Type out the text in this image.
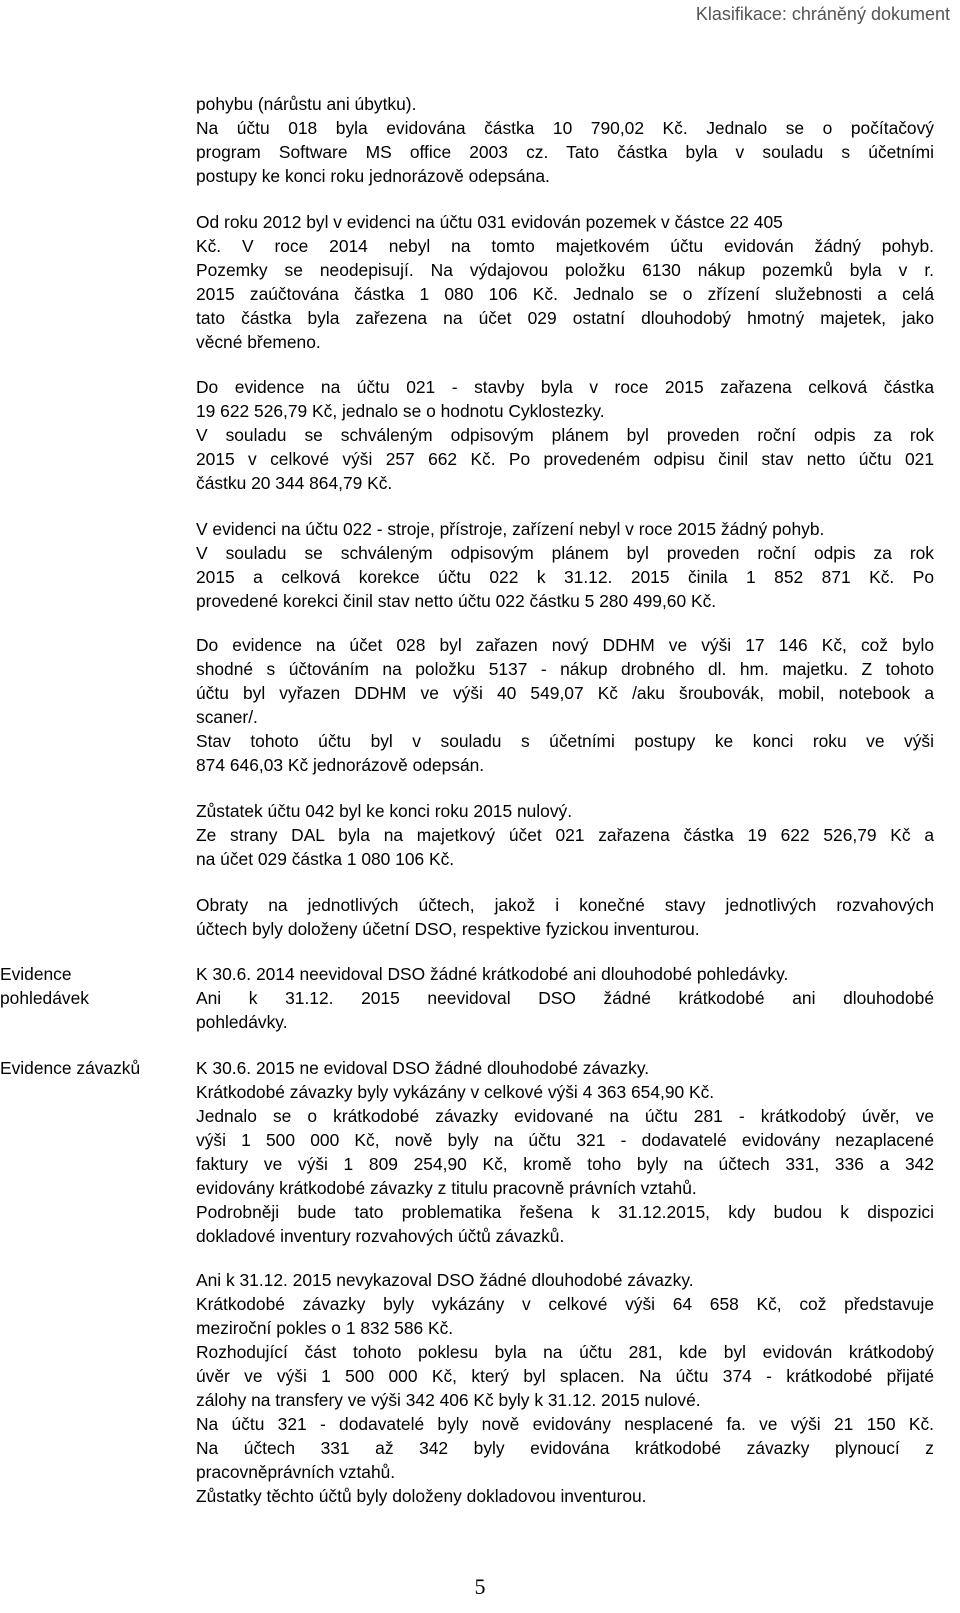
Klasifikace: chráněný dokument
pohybu (nárůstu ani úbytku).
Na účtu 018 byla evidována částka 10 790,02 Kč. Jednalo se o počítačový
program Software MS office 2003 cz. Tato částka byla v souladu s účetními
postupy ke konci roku jednorázově odepsána.
Od roku 2012 byl v evidenci na účtu 031 evidován pozemek v částce 22 405
Kč. V roce 2014 nebyl na tomto majetkovém účtu evidován žádný pohyb.
Pozemky se neodepisují. Na výdajovou položku 6130 nákup pozemků byla v r.
2015 zaúčtována částka 1 080 106 Kč. Jednalo se o zřízení služebnosti a celá
tato částka byla zařezena na účet 029 ostatní dlouhodobý hmotný majetek, jako
věcné břemeno.
Do evidence na účtu 021 - stavby byla v roce 2015 zařazena celková částka
19 622 526,79 Kč, jednalo se o hodnotu Cyklostezky.
V souladu se schváleným odpisovým plánem byl proveden roční odpis za rok
2015 v celkové výši 257 662 Kč. Po provedeném odpisu činil stav netto účtu 021
částku 20 344 864,79 Kč.
V evidenci na účtu 022 - stroje, přístroje, zařízení nebyl v roce 2015 žádný pohyb.
V souladu se schváleným odpisovým plánem byl proveden roční odpis za rok
2015 a celková korekce účtu 022 k 31.12. 2015 činila 1 852 871 Kč. Po
provedené korekci činil stav netto účtu 022 částku 5 280 499,60 Kč.
Do evidence na účet 028 byl zařazen nový DDHM ve výši 17 146 Kč, což bylo
shodné s účtováním na položku 5137 - nákup drobného dl. hm. majetku. Z tohoto
účtu byl vyřazen DDHM ve výši 40 549,07 Kč /aku šroubovák, mobil, notebook a
scaner/.
Stav tohoto účtu byl v souladu s účetními postupy ke konci roku ve výši
874 646,03 Kč jednorázově odepsán.
Zůstatek účtu 042 byl ke konci roku 2015 nulový.
Ze strany DAL byla na majetkový účet 021 zařazena částka 19 622 526,79 Kč a
na účet 029 částka 1 080 106 Kč.
Obraty na jednotlivých účtech, jakož i konečné stavy jednotlivých rozvahových
účtech byly doloženy účetní DSO, respektive fyzickou inventurou.
K 30.6. 2014 neevidoval DSO žádné krátkodobé ani dlouhodobé pohledávky.
Ani k 31.12. 2015 neevidoval DSO žádné krátkodobé ani dlouhodobé
pohledávky.
K 30.6. 2015 ne evidoval DSO žádné dlouhodobé závazky.
Krátkodobé závazky byly vykázány v celkové výši 4 363 654,90 Kč.
Jednalo se o krátkodobé závazky evidované na účtu 281 - krátkodobý úvěr, ve
výši 1 500 000 Kč, nově byly na účtu 321 - dodavatelé evidovány nezaplacené
faktury ve výši 1 809 254,90 Kč, kromě toho byly na účtech 331, 336 a 342
evidovány krátkodobé závazky z titulu pracovně právních vztahů.
Podrobněji bude tato problematika řešena k 31.12.2015, kdy budou k dispozici
dokladové inventury rozvahových účtů závazků.
Ani k 31.12. 2015 nevykazoval DSO žádné dlouhodobé závazky.
Krátkodobé závazky byly vykázány v celkové výši 64 658 Kč, což představuje
meziroční pokles o 1 832 586 Kč.
Rozhodující část tohoto poklesu byla na účtu 281, kde byl evidován krátkodobý
úvěr ve výši 1 500 000 Kč, který byl splacen. Na účtu 374 - krátkodobé přijaté
zálohy na transfery ve výši 342 406 Kč byly k 31.12. 2015 nulové.
Na účtu 321 - dodavatelé byly nově evidovány nesplacené fa. ve výši 21 150 Kč.
Na účtech 331 až 342 byly evidována krátkodobé závazky plynoucí z
pracovněprávních vztahů.
Zůstatky těchto účtů byly doloženy dokladovou inventurou.
Evidence
pohledávek
Evidence závazků
5
